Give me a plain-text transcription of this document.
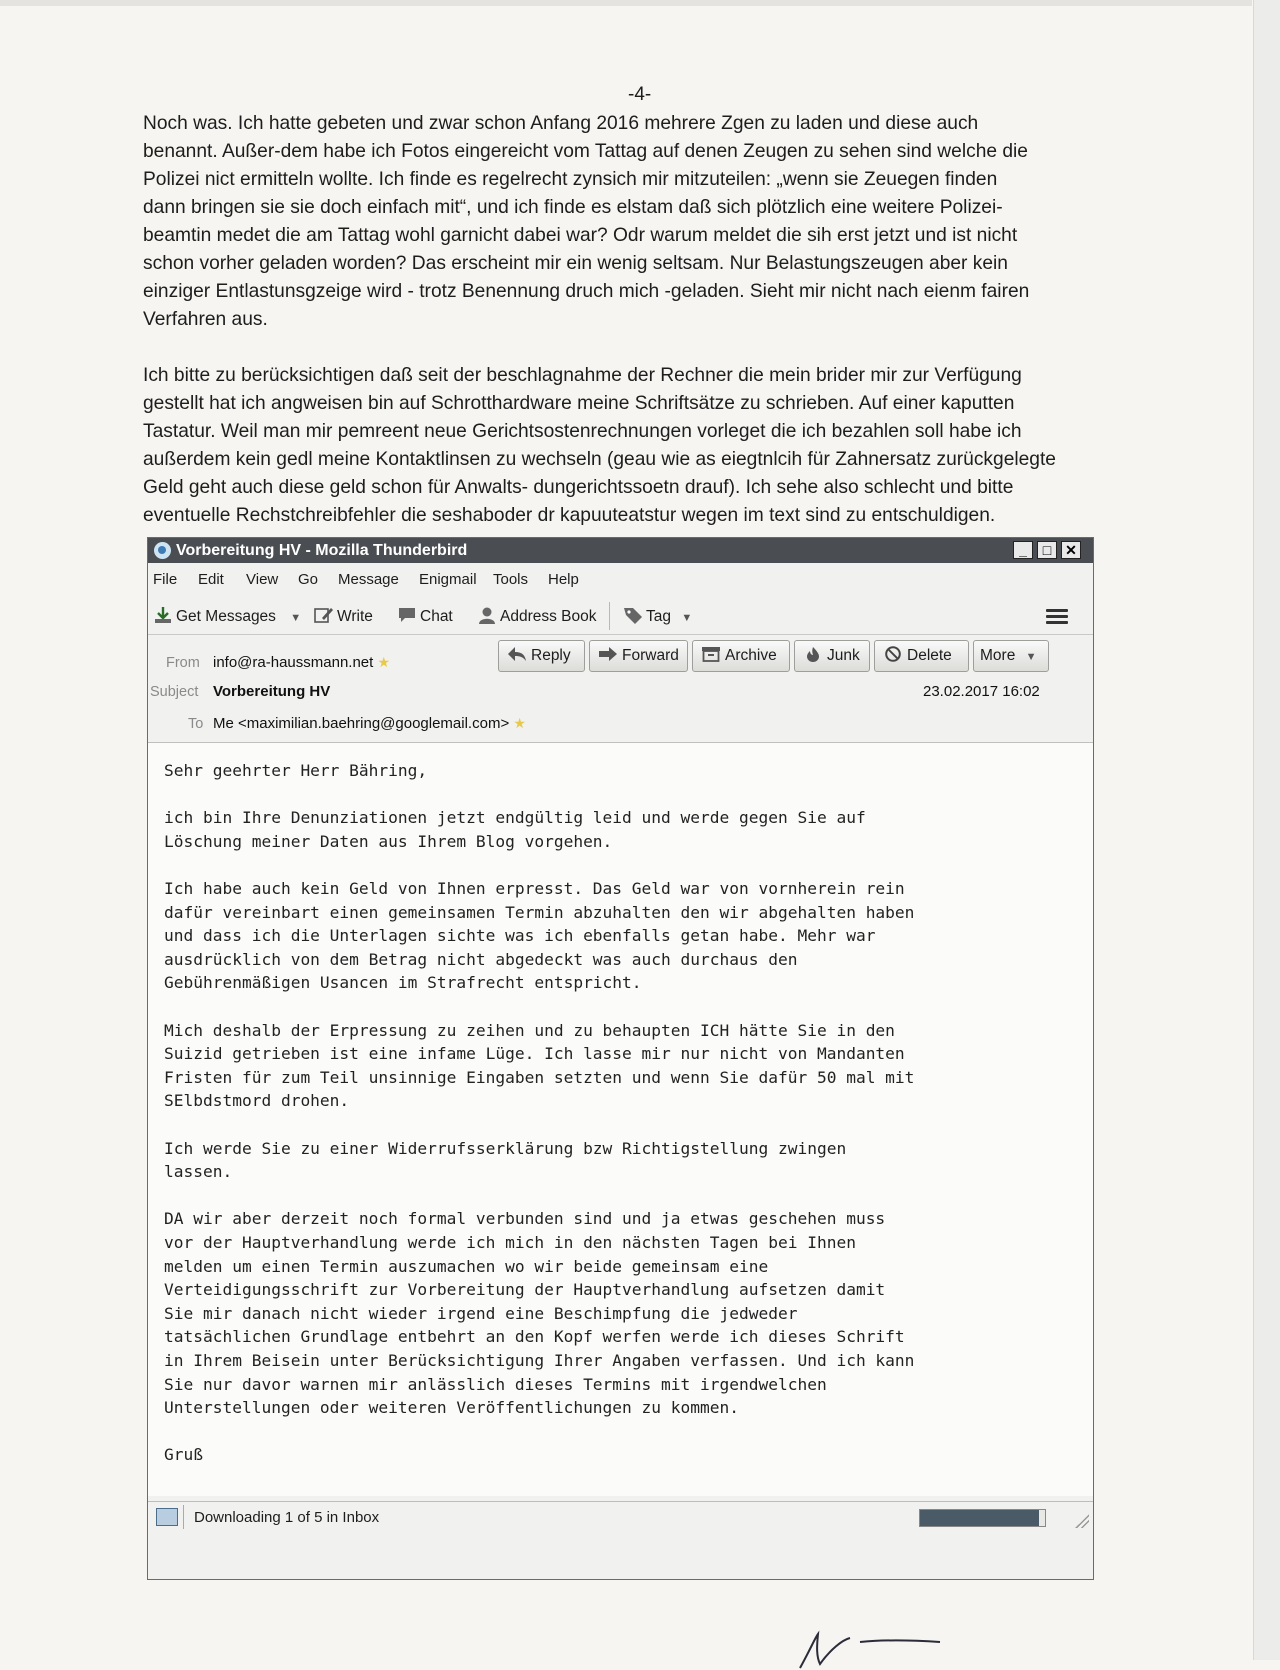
-4-
Noch was. Ich hatte gebeten und zwar schon Anfang 2016 mehrere Zgen zu laden und diese auch
benannt. Außer-dem habe ich Fotos eingereicht vom Tattag auf denen Zeugen zu sehen sind welche die
Polizei nict ermitteln wollte. Ich finde es regelrecht zynsich mir mitzuteilen: „wenn sie Zeuegen finden
dann bringen sie sie doch einfach mit“, und ich finde es elstam daß sich plötzlich eine weitere Polizei-
beamtin medet die am Tattag wohl garnicht dabei war? Odr warum meldet die sih erst jetzt und ist nicht
schon vorher geladen worden? Das erscheint mir ein wenig seltsam. Nur Belastungszeugen aber kein
einziger Entlastunsgzeige wird - trotz Benennung druch mich -geladen. Sieht mir nicht nach eienm fairen
Verfahren aus.
Ich bitte zu berücksichtigen daß seit der beschlagnahme der Rechner die mein brider mir zur Verfügung
gestellt hat ich angweisen bin auf Schrotthardware meine Schriftsätze zu schrieben. Auf einer kaputten
Tastatur. Weil man mir pemreent neue Gerichtsostenrechnungen vorleget die ich bezahlen soll habe ich
außerdem kein gedl meine Kontaktlinsen zu wechseln (geau wie as eiegtnlcih für Zahnersatz zurückgelegte
Geld geht auch diese geld schon für Anwalts- dungerichtssoetn drauf). Ich sehe also schlecht und bitte
eventuelle Rechstchreibfehler die seshaboder dr kapuuteatstur wegen im text sind zu entschuldigen.
Vorbereitung HV - Mozilla Thunderbird	_	□ ✕
File Edit View Go Message Enigmail Tools Help
Get Messages ▼	Write	Chat	Address Book	Tag ▼
From info@ra-haussmann.net ★
Subject Vorbereitung HV	23.02.2017 16:02
To Me <maximilian.baehring@googlemail.com> ★
Reply	Forward	Archive	Junk	Delete	More ▼
Sehr geehrter Herr Bähring,
ich bin Ihre Denunziationen jetzt endgültig leid und werde gegen Sie auf
Löschung meiner Daten aus Ihrem Blog vorgehen.
Ich habe auch kein Geld von Ihnen erpresst. Das Geld war von vornherein rein
dafür vereinbart einen gemeinsamen Termin abzuhalten den wir abgehalten haben
und dass ich die Unterlagen sichte was ich ebenfalls getan habe. Mehr war
ausdrücklich von dem Betrag nicht abgedeckt was auch durchaus den
Gebührenmäßigen Usancen im Strafrecht entspricht.
Mich deshalb der Erpressung zu zeihen und zu behaupten ICH hätte Sie in den
Suizid getrieben ist eine infame Lüge. Ich lasse mir nur nicht von Mandanten
Fristen für zum Teil unsinnige Eingaben setzten und wenn Sie dafür 50 mal mit
SElbdstmord drohen.
Ich werde Sie zu einer Widerrufsserklärung bzw Richtigstellung zwingen
lassen.
DA wir aber derzeit noch formal verbunden sind und ja etwas geschehen muss
vor der Hauptverhandlung werde ich mich in den nächsten Tagen bei Ihnen
melden um einen Termin auszumachen wo wir beide gemeinsam eine
Verteidigungsschrift zur Vorbereitung der Hauptverhandlung aufsetzen damit
Sie mir danach nicht wieder irgend eine Beschimpfung die jedweder
tatsächlichen Grundlage entbehrt an den Kopf werfen werde ich dieses Schrift
in Ihrem Beisein unter Berücksichtigung Ihrer Angaben verfassen. Und ich kann
Sie nur davor warnen mir anlässlich dieses Termins mit irgendwelchen
Unterstellungen oder weiteren Veröffentlichungen zu kommen.
Gruß
Downloading 1 of 5 in Inbox
